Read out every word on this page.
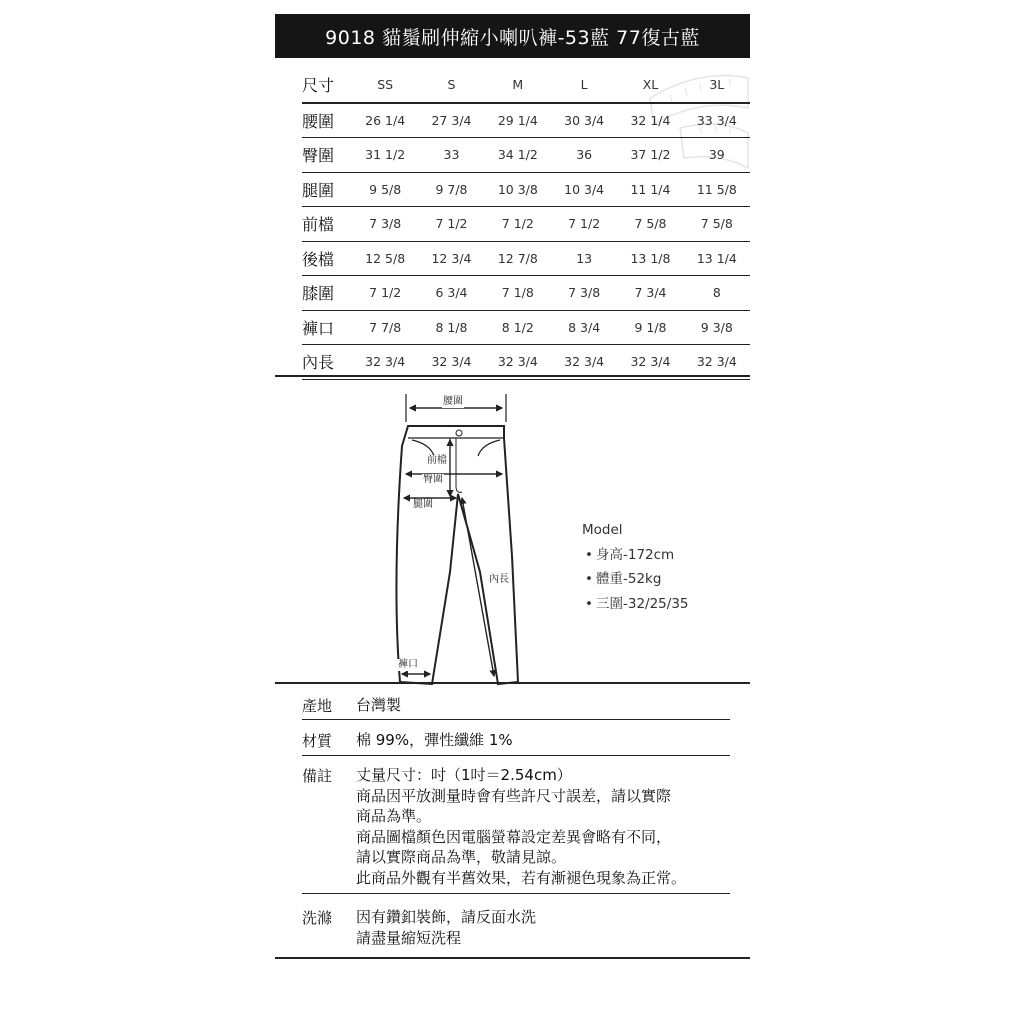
9018 貓鬚刷伸縮小喇叭褲-53藍 77復古藍
尺寸	SS	S	M	L	XL	3L
腰圍	26 1/4	27 3/4	29 1/4	30 3/4	32 1/4	33 3/4
臀圍	31 1/2	33	34 1/2	36	37 1/2	39
腿圍	9 5/8	9 7/8	10 3/8	10 3/4	11 1/4	11 5/8
前檔	7 3/8	7 1/2	7 1/2	7 1/2	7 5/8	7 5/8
後檔	12 5/8	12 3/4	12 7/8	13	13 1/8	13 1/4
膝圍	7 1/2	6 3/4	7 1/8	7 3/8	7 3/4	8
褲口	7 7/8	8 1/8	8 1/2	8 3/4	9 1/8	9 3/8
內長	32 3/4	32 3/4	32 3/4	32 3/4	32 3/4	32 3/4
腰圍
前檔
臀圍
腿圍
內長
褲口
Model
• 身高-172cm
• 體重-52kg
• 三圍-32/25/35
產地 台灣製
材質 棉 99%，彈性纖維 1%
備註 丈量尺寸：吋（1吋＝2.54cm）
商品因平放測量時會有些許尺寸誤差，請以實際
商品為準。
商品圖檔顏色因電腦螢幕設定差異會略有不同，
請以實際商品為準，敬請見諒。
此商品外觀有半舊效果，若有漸褪色現象為正常。
洗滌 因有鑽釦裝飾，請反面水洗
請盡量縮短洗程
